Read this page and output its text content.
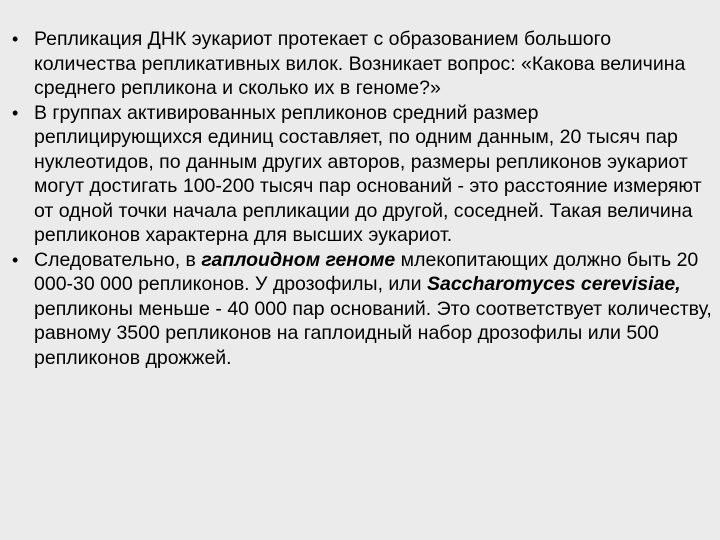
• Репликация ДНК эукариот протекает с образованием большого количества репликативных вилок. Возникает вопрос: «Какова величина среднего репликона и сколько их в геноме?»
• В группах активированных репликонов средний размер реплицирующихся единиц составляет, по одним данным, 20 тысяч пар нуклеотидов, по данным других авторов, размеры репликонов эукариот могут достигать 100-200 тысяч пар оснований - это расстояние измеряют от одной точки начала репликации до другой, соседней. Такая величина репликонов характерна для высших эукариот.
• Следовательно, в гаплоидном геноме млекопитающих должно быть 20 000-30 000 репликонов. У дрозофилы, или Saccharomyces cerevisiae, репликоны меньше - 40 000 пар оснований. Это соответствует количеству, равному 3500 репликонов на гаплоидный набор дрозофилы или 500 репликонов дрожжей.
